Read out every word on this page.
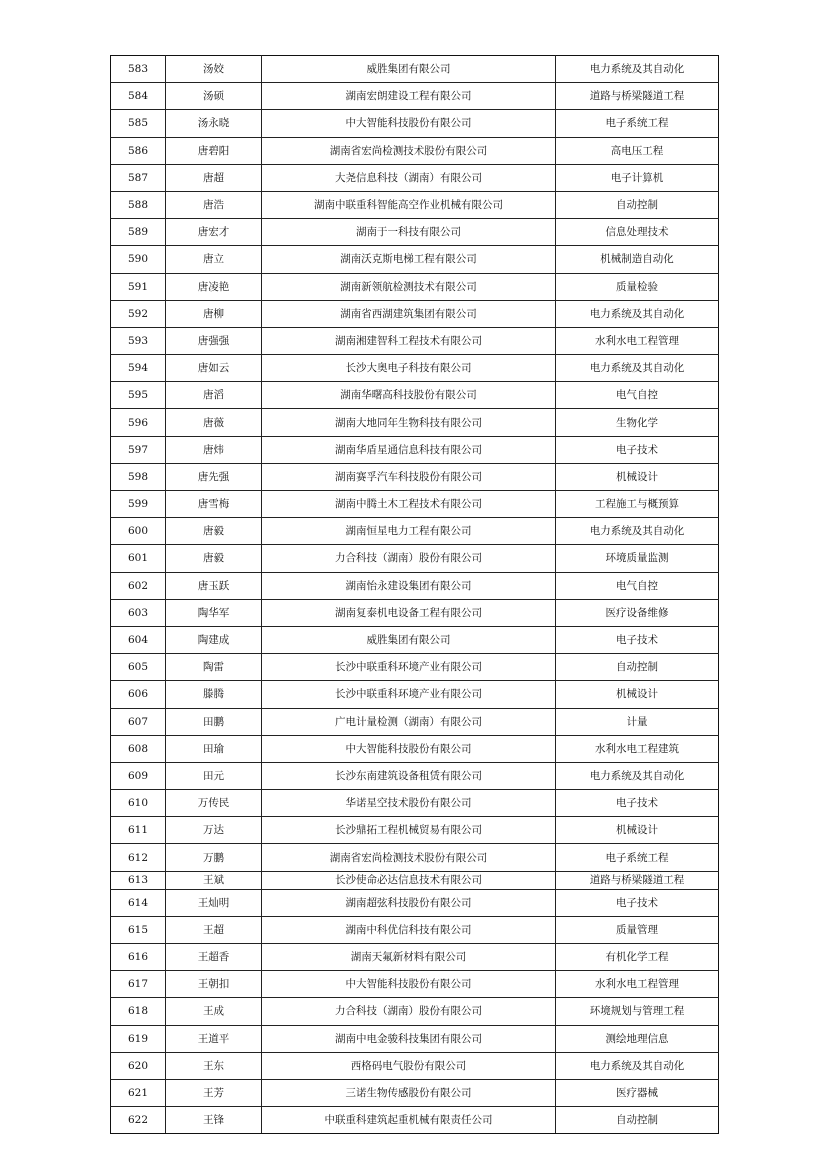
583	汤姣	威胜集团有限公司	电力系统及其自动化
584	汤硕	湖南宏朗建设工程有限公司	道路与桥梁隧道工程
585	汤永晓	中大智能科技股份有限公司	电子系统工程
586	唐碧阳	湖南省宏尚检测技术股份有限公司	高电压工程
587	唐超	大尧信息科技（湖南）有限公司	电子计算机
588	唐浩	湖南中联重科智能高空作业机械有限公司	自动控制
589	唐宏才	湖南于一科技有限公司	信息处理技术
590	唐立	湖南沃克斯电梯工程有限公司	机械制造自动化
591	唐凌艳	湖南新领航检测技术有限公司	质量检验
592	唐柳	湖南省西湖建筑集团有限公司	电力系统及其自动化
593	唐强强	湖南湘建智科工程技术有限公司	水利水电工程管理
594	唐如云	长沙大奥电子科技有限公司	电力系统及其自动化
595	唐滔	湖南华曙高科技股份有限公司	电气自控
596	唐薇	湖南大地同年生物科技有限公司	生物化学
597	唐炜	湖南华盾星通信息科技有限公司	电子技术
598	唐先强	湖南赛孚汽车科技股份有限公司	机械设计
599	唐雪梅	湖南中腾土木工程技术有限公司	工程施工与概预算
600	唐毅	湖南恒星电力工程有限公司	电力系统及其自动化
601	唐毅	力合科技（湖南）股份有限公司	环境质量监测
602	唐玉跃	湖南怡永建设集团有限公司	电气自控
603	陶华军	湖南复泰机电设备工程有限公司	医疗设备维修
604	陶建成	威胜集团有限公司	电子技术
605	陶雷	长沙中联重科环境产业有限公司	自动控制
606	滕腾	长沙中联重科环境产业有限公司	机械设计
607	田鹏	广电计量检测（湖南）有限公司	计量
608	田瑜	中大智能科技股份有限公司	水利水电工程建筑
609	田元	长沙东南建筑设备租赁有限公司	电力系统及其自动化
610	万传民	华诺星空技术股份有限公司	电子技术
611	万达	长沙鼎拓工程机械贸易有限公司	机械设计
612	万鹏	湖南省宏尚检测技术股份有限公司	电子系统工程
613	王斌	长沙使命必达信息技术有限公司	道路与桥梁隧道工程
614	王灿明	湖南超弦科技股份有限公司	电子技术
615	王超	湖南中科优信科技有限公司	质量管理
616	王超香	湖南天氟新材料有限公司	有机化学工程
617	王朝扣	中大智能科技股份有限公司	水利水电工程管理
618	王成	力合科技（湖南）股份有限公司	环境规划与管理工程
619	王道平	湖南中电金骏科技集团有限公司	测绘地理信息
620	王东	西格码电气股份有限公司	电力系统及其自动化
621	王芳	三诺生物传感股份有限公司	医疗器械
622	王锋	中联重科建筑起重机械有限责任公司	自动控制
